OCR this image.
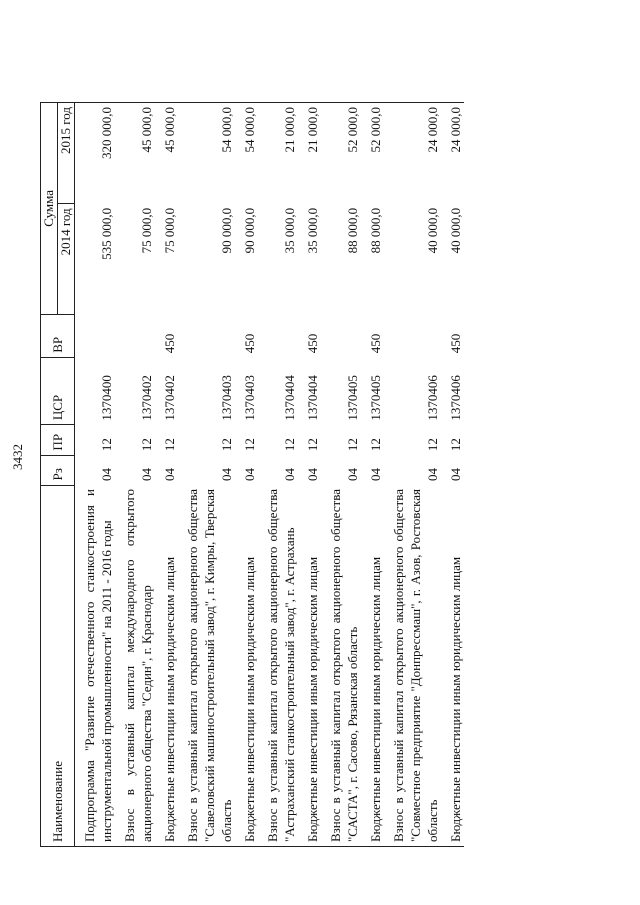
3432
Наименование	Рз	ПР	ЦСР	ВР	Сумма	
					2014 год	2015 год
Подпрограмма "Развитие отечественного станкостроения и инструментальной промышленности" на 2011 - 2016 годы	04	12	1370400		535 000,0	320 000,0
Взнос в уставный капитал международного открытого акционерного общества "Седин", г. Краснодар	04	12	1370402		75 000,0	45 000,0
Бюджетные инвестиции иным юридическим лицам	04	12	1370402	450	75 000,0	45 000,0
Взнос в уставный капитал открытого акционерного общества "Савеловский машиностроительный завод", г. Кимры, Тверская область	04	12	1370403		90 000,0	54 000,0
Бюджетные инвестиции иным юридическим лицам	04	12	1370403	450	90 000,0	54 000,0
Взнос в уставный капитал открытого акционерного общества "Астраханский станкостроительный завод", г. Астрахань	04	12	1370404		35 000,0	21 000,0
Бюджетные инвестиции иным юридическим лицам	04	12	1370404	450	35 000,0	21 000,0
Взнос в уставный капитал открытого акционерного общества "САСТА", г. Сасово, Рязанская область	04	12	1370405		88 000,0	52 000,0
Бюджетные инвестиции иным юридическим лицам	04	12	1370405	450	88 000,0	52 000,0
Взнос в уставный капитал открытого акционерного общества "Совместное предприятие "Донпрессмаш", г. Азов, Ростовская область	04	12	1370406		40 000,0	24 000,0
Бюджетные инвестиции иным юридическим лицам	04	12	1370406	450	40 000,0	24 000,0
